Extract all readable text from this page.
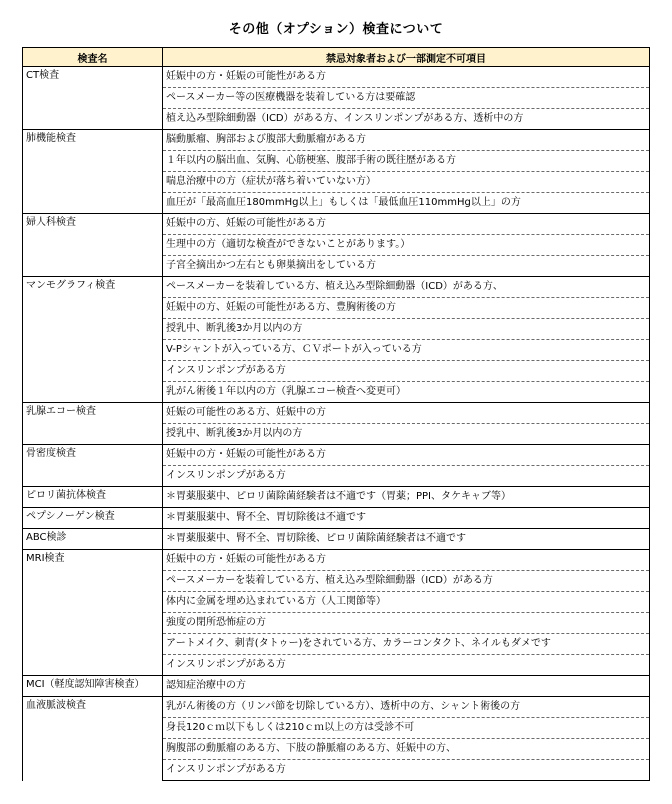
その他（オプション）検査について
検査名	禁忌対象者および一部測定不可項目
CT検査	妊娠中の方・妊娠の可能性がある方
	ペースメーカー等の医療機器を装着している方は要確認
	植え込み型除細動器（ICD）がある方、インスリンポンプがある方、透析中の方
肺機能検査	脳動脈瘤、胸部および腹部大動脈瘤がある方
	１年以内の脳出血、気胸、心筋梗塞、腹部手術の既往歴がある方
	喘息治療中の方（症状が落ち着いていない方）
	血圧が「最高血圧180mmHg以上」もしくは「最低血圧110mmHg以上」の方
婦人科検査	妊娠中の方、妊娠の可能性がある方
	生理中の方（適切な検査ができないことがあります。）
	子宮全摘出かつ左右とも卵巣摘出をしている方
マンモグラフィ検査	ペースメーカーを装着している方、植え込み型除細動器（ICD）がある方、
	妊娠中の方、妊娠の可能性がある方、豊胸術後の方
	授乳中、断乳後3か月以内の方
	V-Pシャントが入っている方、ＣＶポートが入っている方
	インスリンポンプがある方
	乳がん術後１年以内の方（乳腺エコー検査へ変更可）
乳腺エコー検査	妊娠の可能性のある方、妊娠中の方
	授乳中、断乳後3か月以内の方
骨密度検査	妊娠中の方・妊娠の可能性がある方
	インスリンポンプがある方
ピロリ菌抗体検査	＊胃薬服薬中、ピロリ菌除菌経験者は不適です（胃薬；PPI、タケキャブ等）
ペプシノーゲン検査	＊胃薬服薬中、腎不全、胃切除後は不適です
ABC検診	＊胃薬服薬中、腎不全、胃切除後、ピロリ菌除菌経験者は不適です
MRI検査	妊娠中の方・妊娠の可能性がある方
	ペースメーカーを装着している方、植え込み型除細動器（ICD）がある方
	体内に金属を埋め込まれている方（人工関節等）
	強度の閉所恐怖症の方
	アートメイク、刺青(タトゥー)をされている方、カラーコンタクト、ネイルもダメです
	インスリンポンプがある方
MCI（軽度認知障害検査）	認知症治療中の方
血液脈波検査	乳がん術後の方（リンパ節を切除している方）、透析中の方、シャント術後の方
	身長120ｃｍ以下もしくは210ｃｍ以上の方は受診不可
	胸腹部の動脈瘤のある方、下肢の静脈瘤のある方、妊娠中の方、
	インスリンポンプがある方
